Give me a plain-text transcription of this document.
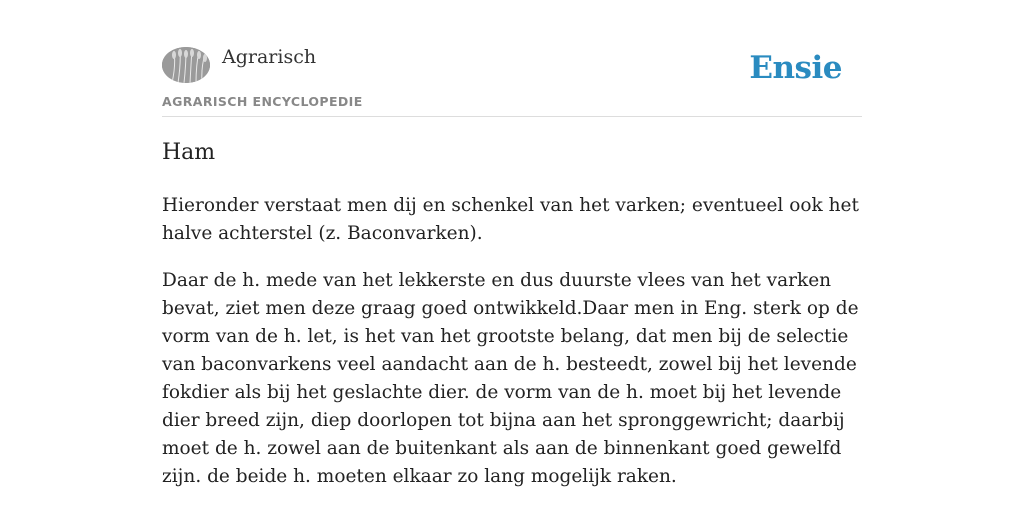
Agrarisch
AGRARISCH ENCYCLOPEDIE
Ensie
Ham

Hieronder verstaat men dij en schenkel van het varken; eventueel ook het halve achterstel (z. Baconvarken).

Daar de h. mede van het lekkerste en dus duurste vlees van het varken bevat, ziet men deze graag goed ontwikkeld.Daar men in Eng. sterk op de vorm van de h. let, is het van het grootste belang, dat men bij de selectie van baconvarkens veel aandacht aan de h. besteedt, zowel bij het levende fokdier als bij het geslachte dier. de vorm van de h. moet bij het levende dier breed zijn, diep doorlopen tot bijna aan het spronggewricht; daarbij moet de h. zowel aan de buitenkant als aan de binnenkant goed gewelfd zijn. de beide h. moeten elkaar zo lang mogelijk raken.
